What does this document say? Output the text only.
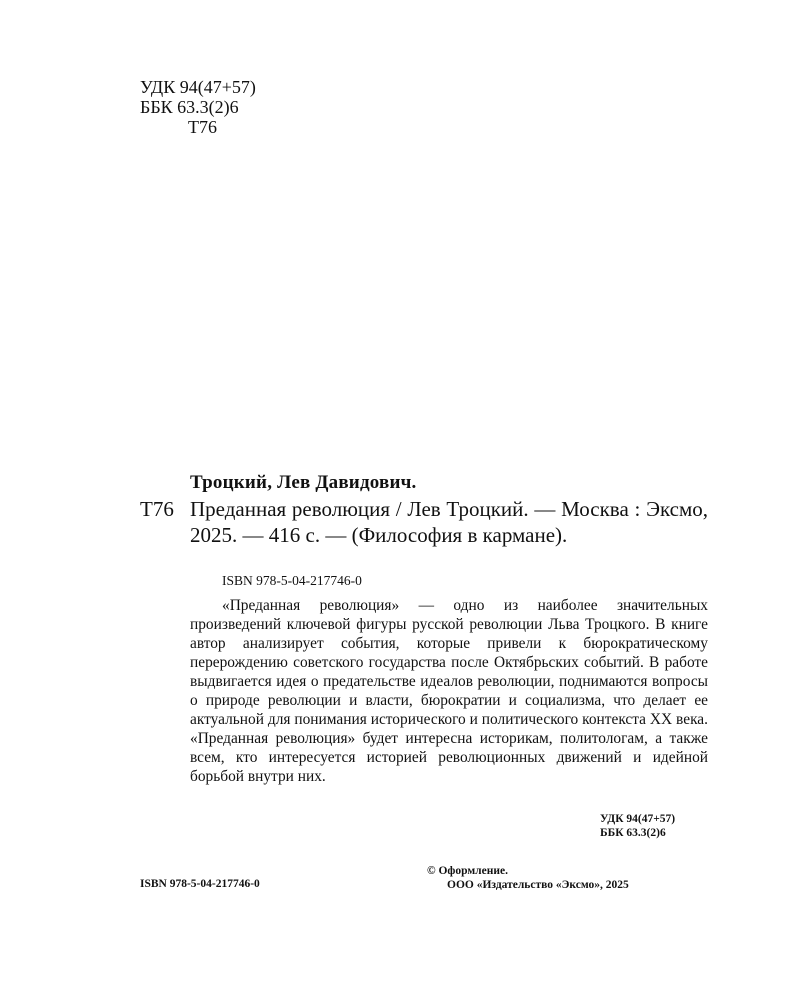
УДК 94(47+57)
ББК 63.3(2)6
Т76
Троцкий, Лев Давидович.
Т76 Преданная революция / Лев Троцкий. — Москва : Эксмо, 2025. — 416 с. — (Философия в кармане).
ISBN 978-5-04-217746-0
«Преданная революция» — одно из наиболее значительных произведений ключевой фигуры русской революции Льва Троцкого. В книге автор анализирует события, которые привели к бюрократическому перерождению советского государства после Октябрьских событий. В работе выдвигается идея о предательстве идеалов революции, поднимаются вопросы о природе революции и власти, бюрократии и социализма, что делает ее актуальной для понимания исторического и политического контекста XX века. «Преданная революция» будет интересна историкам, политологам, а также всем, кто интересуется историей революционных движений и идейной борьбой внутри них.
УДК 94(47+57)
ББК 63.3(2)6
ISBN 978-5-04-217746-0
© Оформление.
ООО «Издательство «Эксмо», 2025
